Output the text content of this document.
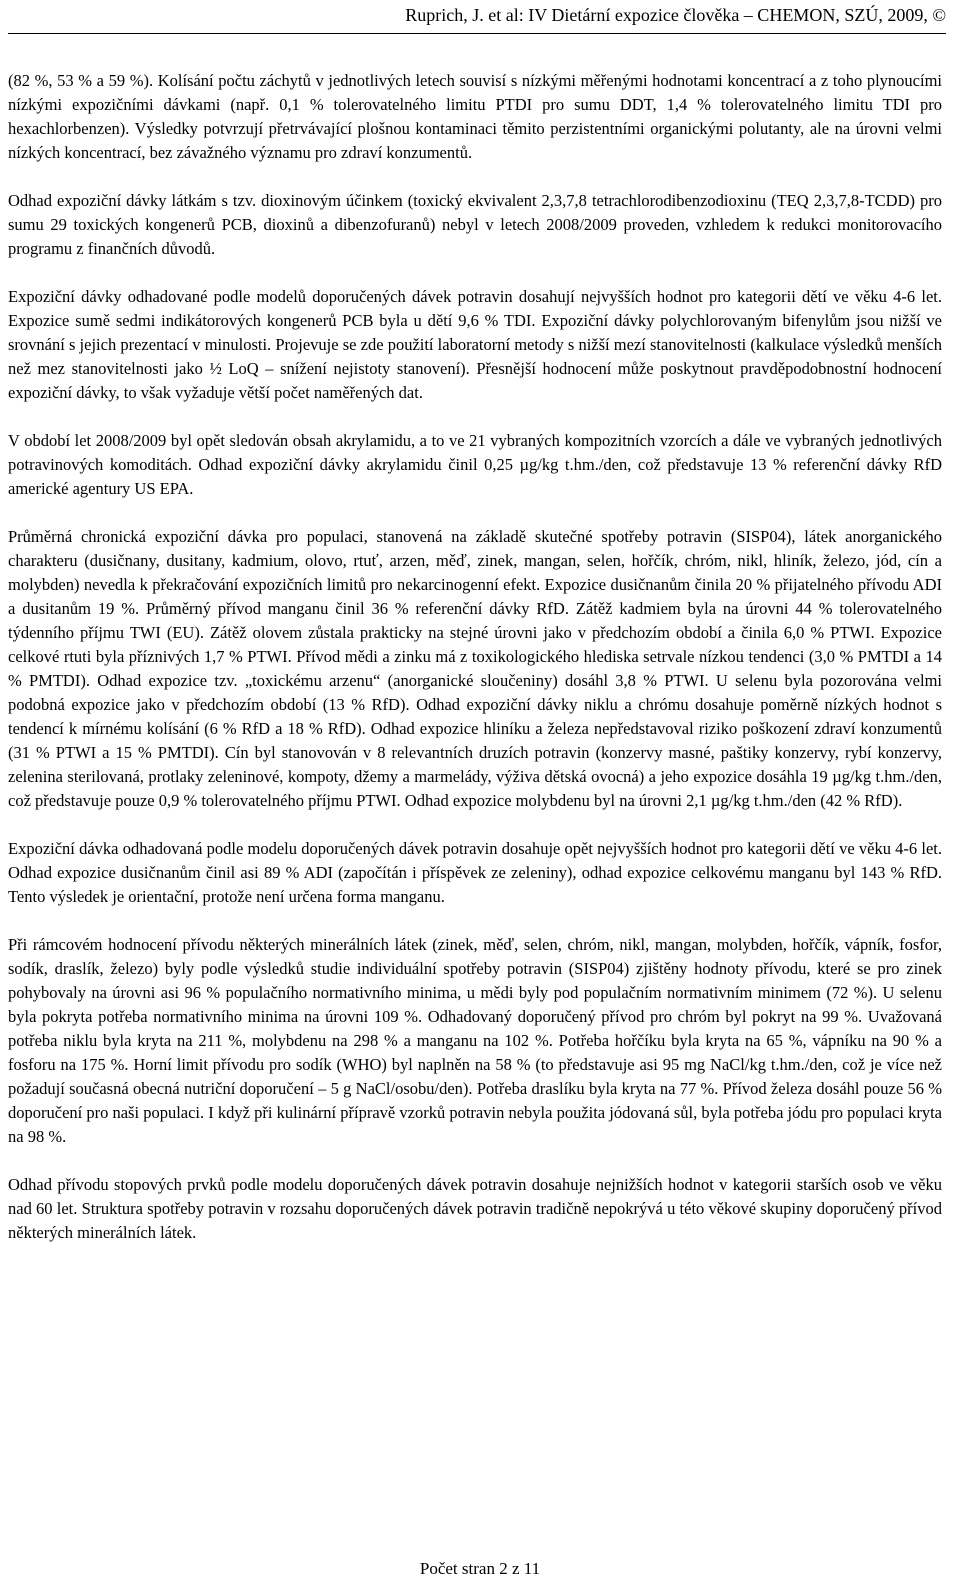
Ruprich, J. et al: IV Dietární expozice člověka – CHEMON, SZÚ, 2009, ©

(82 %, 53 % a 59 %). Kolísání počtu záchytů v jednotlivých letech souvisí s nízkými měřenými hodnotami koncentrací a z toho plynoucími nízkými expozičními dávkami (např. 0,1 % tolerovatelného limitu PTDI pro sumu DDT, 1,4 % tolerovatelného limitu TDI pro hexachlorbenzen). Výsledky potvrzují přetrvávající plošnou kontaminaci těmito perzistentními organickými polutanty, ale na úrovni velmi nízkých koncentrací, bez závažného významu pro zdraví konzumentů.

Odhad expoziční dávky látkám s tzv. dioxinovým účinkem (toxický ekvivalent 2,3,7,8 tetrachlorodibenzodioxinu (TEQ 2,3,7,8-TCDD) pro sumu 29 toxických kongenerů PCB, dioxinů a dibenzofuranů) nebyl v letech 2008/2009 proveden, vzhledem k redukci monitorovacího programu z finančních důvodů.

Expoziční dávky odhadované podle modelů doporučených dávek potravin dosahují nejvyšších hodnot pro kategorii dětí ve věku 4-6 let. Expozice sumě sedmi indikátorových kongenerů PCB byla u dětí 9,6 % TDI. Expoziční dávky polychlorovaným bifenylům jsou nižší ve srovnání s jejich prezentací v minulosti. Projevuje se zde použití laboratorní metody s nižší mezí stanovitelnosti (kalkulace výsledků menších než mez stanovitelnosti jako ½ LoQ – snížení nejistoty stanovení). Přesnější hodnocení může poskytnout pravděpodobnostní hodnocení expoziční dávky, to však vyžaduje větší počet naměřených dat.

V období let 2008/2009 byl opět sledován obsah akrylamidu, a to ve 21 vybraných kompozitních vzorcích a dále ve vybraných jednotlivých potravinových komoditách. Odhad expoziční dávky akrylamidu činil 0,25 µg/kg t.hm./den, což představuje 13 % referenční dávky RfD americké agentury US EPA.

Průměrná chronická expoziční dávka pro populaci, stanovená na základě skutečné spotřeby potravin (SISP04), látek anorganického charakteru (dusičnany, dusitany, kadmium, olovo, rtuť, arzen, měď, zinek, mangan, selen, hořčík, chróm, nikl, hliník, železo, jód, cín a molybden) nevedla k překračování expozičních limitů pro nekarcinogenní efekt. Expozice dusičnanům činila 20 % přijatelného přívodu ADI a dusitanům 19 %. Průměrný přívod manganu činil 36 % referenční dávky RfD. Zátěž kadmiem byla na úrovni 44 % tolerovatelného týdenního příjmu TWI (EU). Zátěž olovem zůstala prakticky na stejné úrovni jako v předchozím období a činila 6,0 % PTWI. Expozice celkové rtuti byla příznivých 1,7 % PTWI. Přívod mědi a zinku má z toxikologického hlediska setrvale nízkou tendenci (3,0 % PMTDI a 14 % PMTDI). Odhad expozice tzv. „toxickému arzenu“ (anorganické sloučeniny) dosáhl 3,8 % PTWI. U selenu byla pozorována velmi podobná expozice jako v předchozím období (13 % RfD). Odhad expoziční dávky niklu a chrómu dosahuje poměrně nízkých hodnot s tendencí k mírnému kolísání (6 % RfD a 18 % RfD). Odhad expozice hliníku a železa nepředstavoval riziko poškození zdraví konzumentů (31 % PTWI a 15 % PMTDI). Cín byl stanovován v 8 relevantních druzích potravin (konzervy masné, paštiky konzervy, rybí konzervy, zelenina sterilovaná, protlaky zeleninové, kompoty, džemy a marmelády, výživa dětská ovocná) a jeho expozice dosáhla 19 µg/kg t.hm./den, což představuje pouze 0,9 % tolerovatelného příjmu PTWI. Odhad expozice molybdenu byl na úrovni 2,1 µg/kg t.hm./den (42 % RfD).

Expoziční dávka odhadovaná podle modelu doporučených dávek potravin dosahuje opět nejvyšších hodnot pro kategorii dětí ve věku 4-6 let. Odhad expozice dusičnanům činil asi 89 % ADI (započítán i příspěvek ze zeleniny), odhad expozice celkovému manganu byl 143 % RfD. Tento výsledek je orientační, protože není určena forma manganu.

Při rámcovém hodnocení přívodu některých minerálních látek (zinek, měď, selen, chróm, nikl, mangan, molybden, hořčík, vápník, fosfor, sodík, draslík, železo) byly podle výsledků studie individuální spotřeby potravin (SISP04) zjištěny hodnoty přívodu, které se pro zinek pohybovaly na úrovni asi 96 % populačního normativního minima, u mědi byly pod populačním normativním minimem (72 %). U selenu byla pokryta potřeba normativního minima na úrovni 109 %. Odhadovaný doporučený přívod pro chróm byl pokryt na 99 %. Uvažovaná potřeba niklu byla kryta na 211 %, molybdenu na 298 % a manganu na 102 %. Potřeba hořčíku byla kryta na 65 %, vápníku na 90 % a fosforu na 175 %. Horní limit přívodu pro sodík (WHO) byl naplněn na 58 % (to představuje asi 95 mg NaCl/kg t.hm./den, což je více než požadují současná obecná nutriční doporučení – 5 g NaCl/osobu/den). Potřeba draslíku byla kryta na 77 %. Přívod železa dosáhl pouze 56 % doporučení pro naši populaci. I když při kulinární přípravě vzorků potravin nebyla použita jódovaná sůl, byla potřeba jódu pro populaci kryta na 98 %.

Odhad přívodu stopových prvků podle modelu doporučených dávek potravin dosahuje nejnižších hodnot v kategorii starších osob ve věku nad 60 let. Struktura spotřeby potravin v rozsahu doporučených dávek potravin tradičně nepokrývá u této věkové skupiny doporučený přívod některých minerálních látek.

Počet stran 2 z 11
